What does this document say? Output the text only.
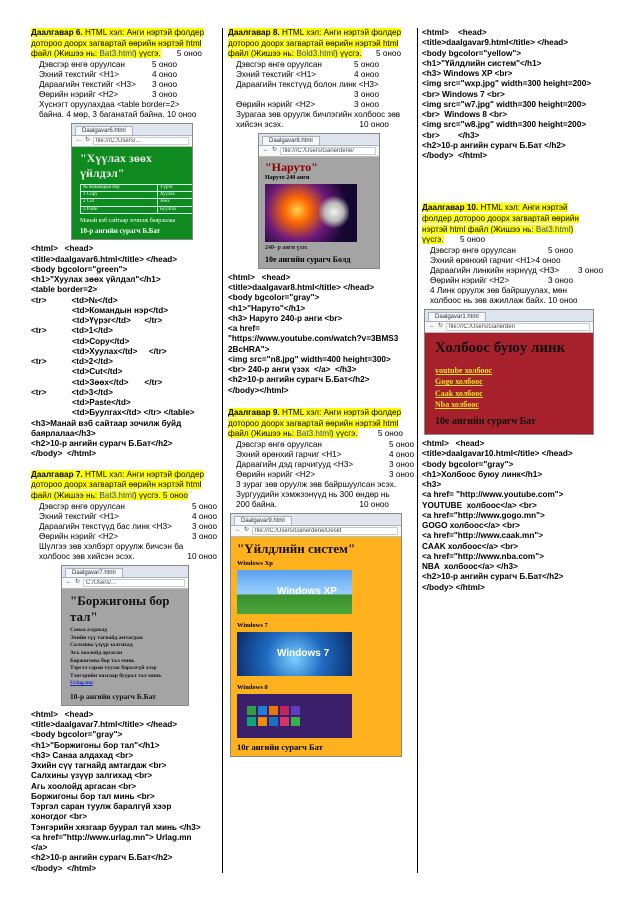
Даалгавар 6. HTML хэл: Анги нэртэй фолдер
дотороо доорх загвартай өөрийн нэртэй html
файл (Жишээ нь: Bat3.html) үүсгэ. 5 оноо
Дэвсгэр өнгө оруулсан	5 оноо
Эхний текстийг <H1>	4 оноо
Дараагийн текстийг <H3> 3 оноо
Өөрийн нэрийг <H2>	3 оноо
Хүснэгт оруулахдаа <table border=2>
байна. 4 мөр, 3 баганатай байна. 10 оноо
Daalgavar6.html
← ↻	file:///C:/Users/...
"Хүүлах зөөх үйлдэл"
№ Командын нэр	Үүрэг
1 Copy	Хуулах
2 Cut	Зөөх
3 Paste	Буулгах
Манай вэб сайтаар зочилж баярлалаа
10-р ангийн сурагч Б.Бат
<html>   <head>
<title>daalgavar6.html</title> </head>
<body bgcolor="green">
<h1>"Хуулах зөөх үйлдэл"</h1>
<table border=2>
<tr>           <td>№</td>
<td>Командын нэр</td>
<td>Үүрэг</td>      </tr>
<tr>           <td>1</td>
<td>Copy</td>
<td>Хуулах</td>     </tr>
<tr>           <td>2</td>
<td>Cut</td>
<td>Зөөх</td>       </tr>
<tr>           <td>3</td>
<td>Paste</td>
<td>Буулгах</td> </tr> </table>
<h3>Манай вэб сайтаар зочилж буйд
баярлалаа</h3>
<h2>10-р ангийн сурагч Б.Бат</h2>
</body>  </html>
Даалгавар 7. HTML хэл: Анги нэртэй фолдер
дотороо доорх загвартай өөрийн нэртэй html
файл (Жишээ нь: Bat3.html) үүсгэ. 5 оноо
Дэвсгэр өнгө оруулсан	5 оноо
Эхний текстийг <H1>	4 оноо
Дараагийн текстүүд бас линк <H3> 3 оноо
Өөрийн нэрийг <H2>	3 оноо
Шүлгээ зөв хэлбэрт оруулж бичсэн ба
холбоос зөв хийсэн эсэх.	10 оноо
Daalgavar7.html
← ↻	C:/Users/...
"Боржигоны бор тал"
Санаа алдахад
Эхийн сүү тагнайд амтагдаж
Салхины үзүүр залгихад
Агь хоолойд аргасан
Боржигоны бор тал минь
Тэргэл саран туулж баралгүй хээр
Тэнгэрийн хязгаар буурал тал минь
Urlag.mn
10-р ангийн сурагч Б.Бат
<html>   <head>
<title>daalgavar7.html</title> </head>
<body bgcolor="gray">
<h1>"Боржигоны бор тал"</h1>
<h3> Санаа алдахад <br>
Эхийн сүү тагнайд амтагдаж <br>
Салхины үзүүр залгихад <br>
Агь хоолойд аргасан <br>
Боржигоны бор тал минь <br>
Тэргэл саран туулж баралгүй хээр
хоногдог <br>
Тэнгэрийн хязгаар буурал тал минь </h3>
<a href="http://www.urlag.mn"> Urlag.mn
</a>
<h2>10-р ангийн сурагч Б.Бат</h2>
</body>  </html>
Даалгавар 8. HTML хэл: Анги нэртэй фолдер
дотороо доорх загвартай өөрийн нэртэй html
файл (Жишээ нь: Bold3.html) үүсгэ. 5 оноо
Дэвсгэр өнгө оруулсан	5 оноо
Эхний текстийг <H1>	4 оноо
Дараагийн текстүүд болон линк <H3>
3 оноо
Өөрийн нэрийг <H2>	3 оноо
Зурагаа зөв оруулж бичлэгийн холбоос зөв
хийсэн эсэх.	10 оноо
Daalgavar8.html
← ↻	file:///C:/Users/Ganerdene/
"Наруто"
Наруто 240 анги
240- р анги үзэх
10е ангийн сурагч Болд
<html>   <head>
<title>daalgavar8.html</title> </head>
<body bgcolor="gray">
<h1>"Наруто"</h1>
<h3> Наруто 240-р анги <br>
<a href=
"https://www.youtube.com/watch?v=3BMS3
2BcHRA">
<img src="n8.jpg" width=400 height=300>
<br> 240-р анги үзэх  </a>  </h3>
<h2>10-р ангийн сурагч Б.Бат</h2>
</body></html>
Даалгавар 9. HTML хэл: Анги нэртэй фолдер
дотороо доорх загвартай өөрийн нэртэй html
файл (Жишээ нь: Bat3.html) үүсгэ. 5 оноо
Дэвсгэр өнгө оруулсан	5 оноо
Эхний өрөнхий гарчиг <H1>	4 оноо
Дараагийн дэд гарчигууд <H3>	3 оноо
Өөрийн нэрийг <H2>	3 оноо
3 зураг зөв оруулж зөв байршуулсан эсэх.
Зургуудийн хэмжээнүүд нь 300 өндөр нь
200 байна.	10 оноо
Daalgavar9.html
← ↻	file:///C:/Users/Ganerdene/Deskt
"Үйлдлийн систем"
Windows Xp
Windows XP
Windows 7
Windows 7
Windows 8
10г ангийн сурагч Бат
<html>    <head>
<title>daalgavar9.html</title> </head>
<body bgcolor="yellow">
<h1>"Үйлдлийн систем"</h1>
<h3> Windows XP <br>
<img src="wxp.jpg" width=300 height=200>
<br> Windows 7 <br>
<img src="w7.jpg" width=300 height=200>
<br>  Windows 8 <br>
<img src="w8.jpg" width=300 height=200>
<br>        </h3>
<h2>10-р ангийн сурагч Б.Бат </h2>
</body>  </html>
Даалгавар 10. HTML хэл: Анги нэртэй
фолдер дотороо доорх загвартай өөрийн
нэртэй html файл (Жишээ нь: Bat3.html)
үүсгэ. 5 оноо
Дэвсгэр өнгө оруулсан	5 оноо
Эхний өрөнхий гарчиг <H1>4 оноо
Дараагийн линкийн нэрнүүд <H3> 3 оноо
Өөрийн нэрийг <H2>	3 оноо
4 Линк оруулж зөв байршуулах, мөн
холбоос нь зөв ажиллаж байх. 10 оноо
Daalgavar1.html
← ↻	file:///C:/Users/Ganerden
Холбоос буюу линк
youtube холбоос
Gogo холбоос
Caak холбоос
Nba холбоос
10е ангийн сурагч Бат
<html>   <head>
<title>daalgavar10.html</title> </head>
<body bgcolor="gray">
<h1>Холбоос буюу линк</h1>
<h3>
<a href= "http://www.youtube.com">
YOUTUBE  холбоос</a> <br>
<a href="http://www.gogo.mn">
GOGO холбоос</a> <br>
<a href="http://www.caak.mn">
CAAK холбоос</a> <br>
<a href="http://www.nba.com">
NBA  холбоос</a> </h3>
<h2>10-р ангийн сурагч Б.Бат</h2>
</body> </html>
